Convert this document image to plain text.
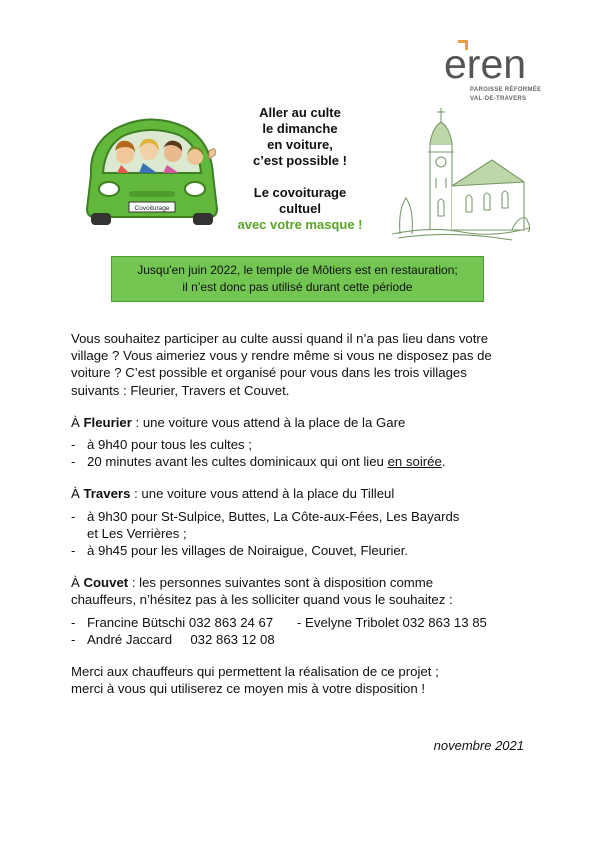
eren
PAROISSE RÉFORMÉE
VAL-DE-TRAVERS
Covoiturage
Aller au culte
le dimanche
en voiture,
c’est possible !
Le covoiturage
cultuel
avec votre masque !
Jusqu'en juin 2022, le temple de Môtiers est en restauration;
il n’est donc pas utilisé durant cette période

Vous souhaitez participer au culte aussi quand il n’a pas lieu dans votre

village ? Vous aimeriez vous y rendre même si vous ne disposez pas de

voiture ? C’est possible et organisé pour vous dans les trois villages

suivants : Fleurier, Travers et Couvet.

À Fleurier : une voiture vous attend à la place de la Gare

- à 9h40 pour tous les cultes ;
- 20 minutes avant les cultes dominicaux qui ont lieu en soirée.

À Travers : une voiture vous attend à la place du Tilleul

- à 9h30 pour St-Sulpice, Buttes, La Côte-aux-Fées, Les Bayards
et Les Verrières ;
- à 9h45 pour les villages de Noiraigue, Couvet, Fleurier.

À Couvet : les personnes suivantes sont à disposition comme

chauffeurs, n’hésitez pas à les solliciter quand vous le souhaitez :

- Francine Bütschi 032 863 24 67 - Evelyne Tribolet 032 863 13 85
- André Jaccard     032 863 12 08

Merci aux chauffeurs qui permettent la réalisation de ce projet ;

merci à vous qui utiliserez ce moyen mis à votre disposition !

novembre 2021
